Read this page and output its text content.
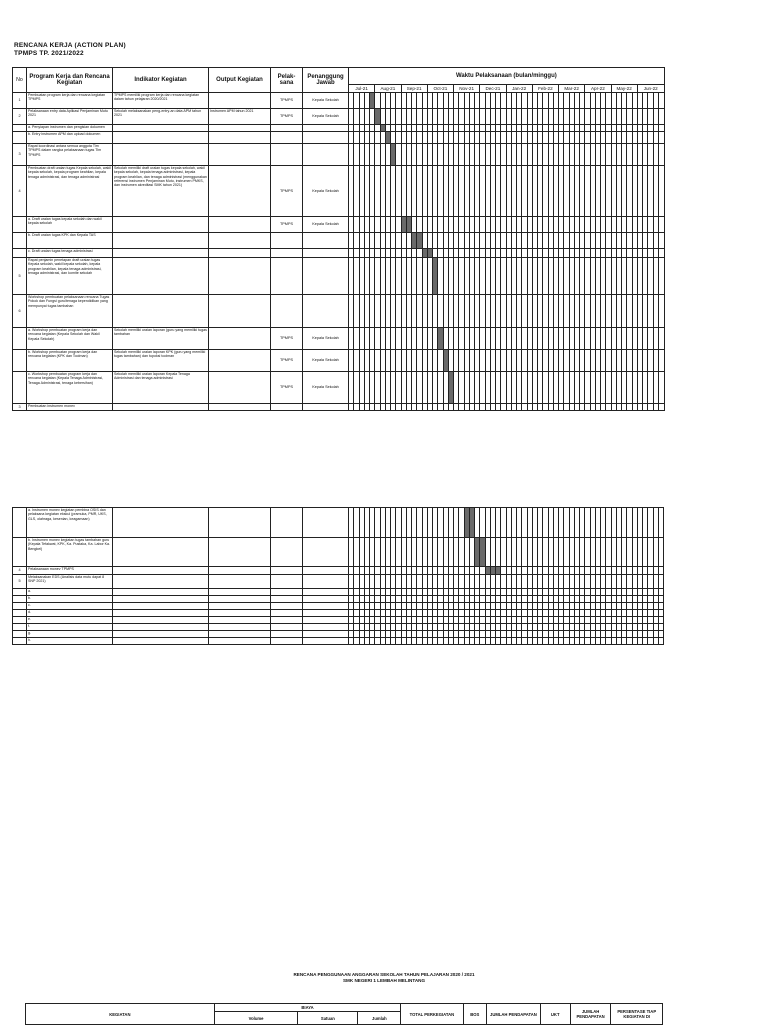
RENCANA KERJA (ACTION PLAN)
TPMPS TP. 2021/2022
No	Program Kerja dan Rencana Kegiatan	Indikator Kegiatan	Output Kegiatan	Pelak-sana	Penanggung Jawab	Waktu Pelaksanaan (bulan/minggu)
Jul-21	Aug-21	Sep-21	Oct-21	Nov-21	Dec-21	Jan-22	Feb-22	Mar-22	Apr-22	May-22	Jun-22
1	Pembuatan program kerja dan rencana kegiatan TPMPS	TPMPS memiliki program kerja dan rencana kegiatan dalam tahun pelajaran 2020/2021		TPMPS	Kepala Sekolah																																																												
2	Pelaksanaan entry data Aplikasi Penjaminan Mutu 2021	Sekolah melaksanakan peng-entry-an data APM tahun 2021	Instrumen APM tahun 2021	TPMPS	Kepala Sekolah																																																												
	a. Penyiapan instrumen dan pengisian dokumen																																																																
	b. Entry instrumen APM dan upload dokumen																																																																
3	Rapat koordinasi antara semua anggota Tim TPMPS dalam rangka pelaksanaan tugas Tim TPMPS																																																																
4	Pembuatan draft uraian tugas Kepala sekolah, wakil kepala sekolah, kepala program keahlian, kepala tenaga administrasi, dan tenaga administrasi	Sekolah memiliki draft uraian tugas kepala sekolah, wakil kepala sekolah, kepala tenaga administrasi, kepala program keahlian, dan tenaga administrasi (menggunakan referensi instrumen Penjaminan Mutu, instrumen PMKS, dan instrumen akreditasi SMK tahun 2021)		TPMPS	Kepala Sekolah																																																												
	a. Draft uraian tugas kepala sekolah dan wakil kepala sekolah			TPMPS	Kepala Sekolah																																																												
	b. Draft uraian tugas KPK dan Kepala TAS																																																																
	c. Draft uraian tugas tenaga administrasi																																																																
5	Rapat penjamin penetapan draft uraian tugas Kepala sekolah, wakil kepala sekolah, kepala program keahlian, kepala tenaga administrasi, tenaga administrasi, dan komite sekolah																																																																
6	Workshop pembuatan pelaksanaan rencana Tugas Pokok dan Fungsi guru/tenaga kependidikan yang mempunyai tugas tambahan																																																																
	a. Workshop pembuatan program kerja dan rencana kegiatan (Kepala Sekolah dan Wakil Kepala Sekolah)	Sekolah memiliki uraian laporan (guru yang memiliki tugas tambahan		TPMPS	Kepala Sekolah																																																												
	b. Workshop pembuatan program kerja dan rencana kegiatan (KPK dan Toolman)	Sekolah memiliki uraian laporan KPK (guru yang memiliki tugas tambahan) dan tupoksi toolman		TPMPS	Kepala Sekolah																																																												
	c. Workshop pembuatan program kerja dan rencana kegiatan (Kepala Tenaga Administrasi, Tenaga Administrasi, tenaga kebersihan)	Sekolah memiliki uraian laporan Kepala Tenaga Administrasi dan tenaga administrasi		TPMPS	Kepala Sekolah																																																												
3	Pembuatan instrumen monev																																																																
	a. Instrumen monev kegiatan pembina OSIS dan pelaksana kegiatan ekskul (pramuka, PMR, UKS, GLS, olahraga, kesenian, keagamaan)																																																																
	b. Instrumen monev kegiatan tugas tambahan guru (Kepala Tefakwat, KPK, Ka. Pustaka, Ka. Labor Ka. Bengkel)																																																																
4	Pelaksanaan monev TPMPS																																																																
5	Melaksanakan EDS (Analisis data mutu dapat 8 SNP 2021)																																																																
	a.																																																																
	b.																																																																
	c.																																																																
	d.																																																																
	e.																																																																
	f.																																																																
	g.																																																																
	h.																																																																
RENCANA PENGGUNAAN ANGGARAN SEKOLAH TAHUN PELAJARAN 2020 / 2021
SMK NEGERI 1 LEMBAH MELINTANG
KEGIATAN	BIAYA			TOTAL PERKEGIATAN	BOS	JUMLAH PENDAPATAN	UKT	JUMLAH PENDAPATAN	PERSENTASE TIAP KEGIATAN DI
	Volume	Satuan	Jumlah						
